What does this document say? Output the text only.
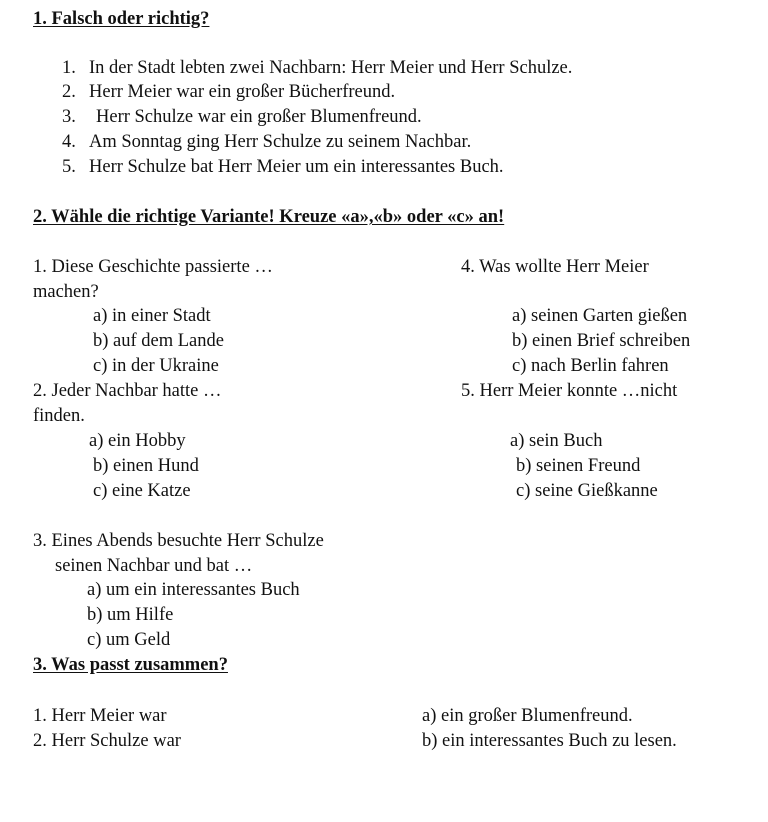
1. Falsch oder richtig?
1. In der Stadt lebten zwei Nachbarn: Herr Meier und Herr Schulze.
2. Herr Meier war ein großer Bücherfreund.
3. Herr Schulze war ein großer Blumenfreund.
4. Am Sonntag ging Herr Schulze zu seinem Nachbar.
5. Herr Schulze bat Herr Meier um ein interessantes Buch.
2. Wähle die richtige Variante! Kreuze «a»,«b» oder «c» an!
1. Diese Geschichte passierte …
a) in einer Stadt
b) auf dem Lande
c) in der Ukraine
4. Was wollte Herr Meier
machen?
a) seinen Garten gießen
b) einen Brief schreiben
c) nach Berlin fahren
2. Jeder Nachbar hatte …
a) ein Hobby
b) einen Hund
c) eine Katze
5. Herr Meier konnte …nicht
finden.
a) sein Buch
b) seinen Freund
c) seine Gießkanne
3. Eines Abends besuchte Herr Schulze
seinen Nachbar und bat …
a) um ein interessantes Buch
b) um Hilfe
c) um Geld
3. Was passt zusammen?
1. Herr Meier war
2. Herr Schulze war
a) ein großer Blumenfreund.
b) ein interessantes Buch zu lesen.
